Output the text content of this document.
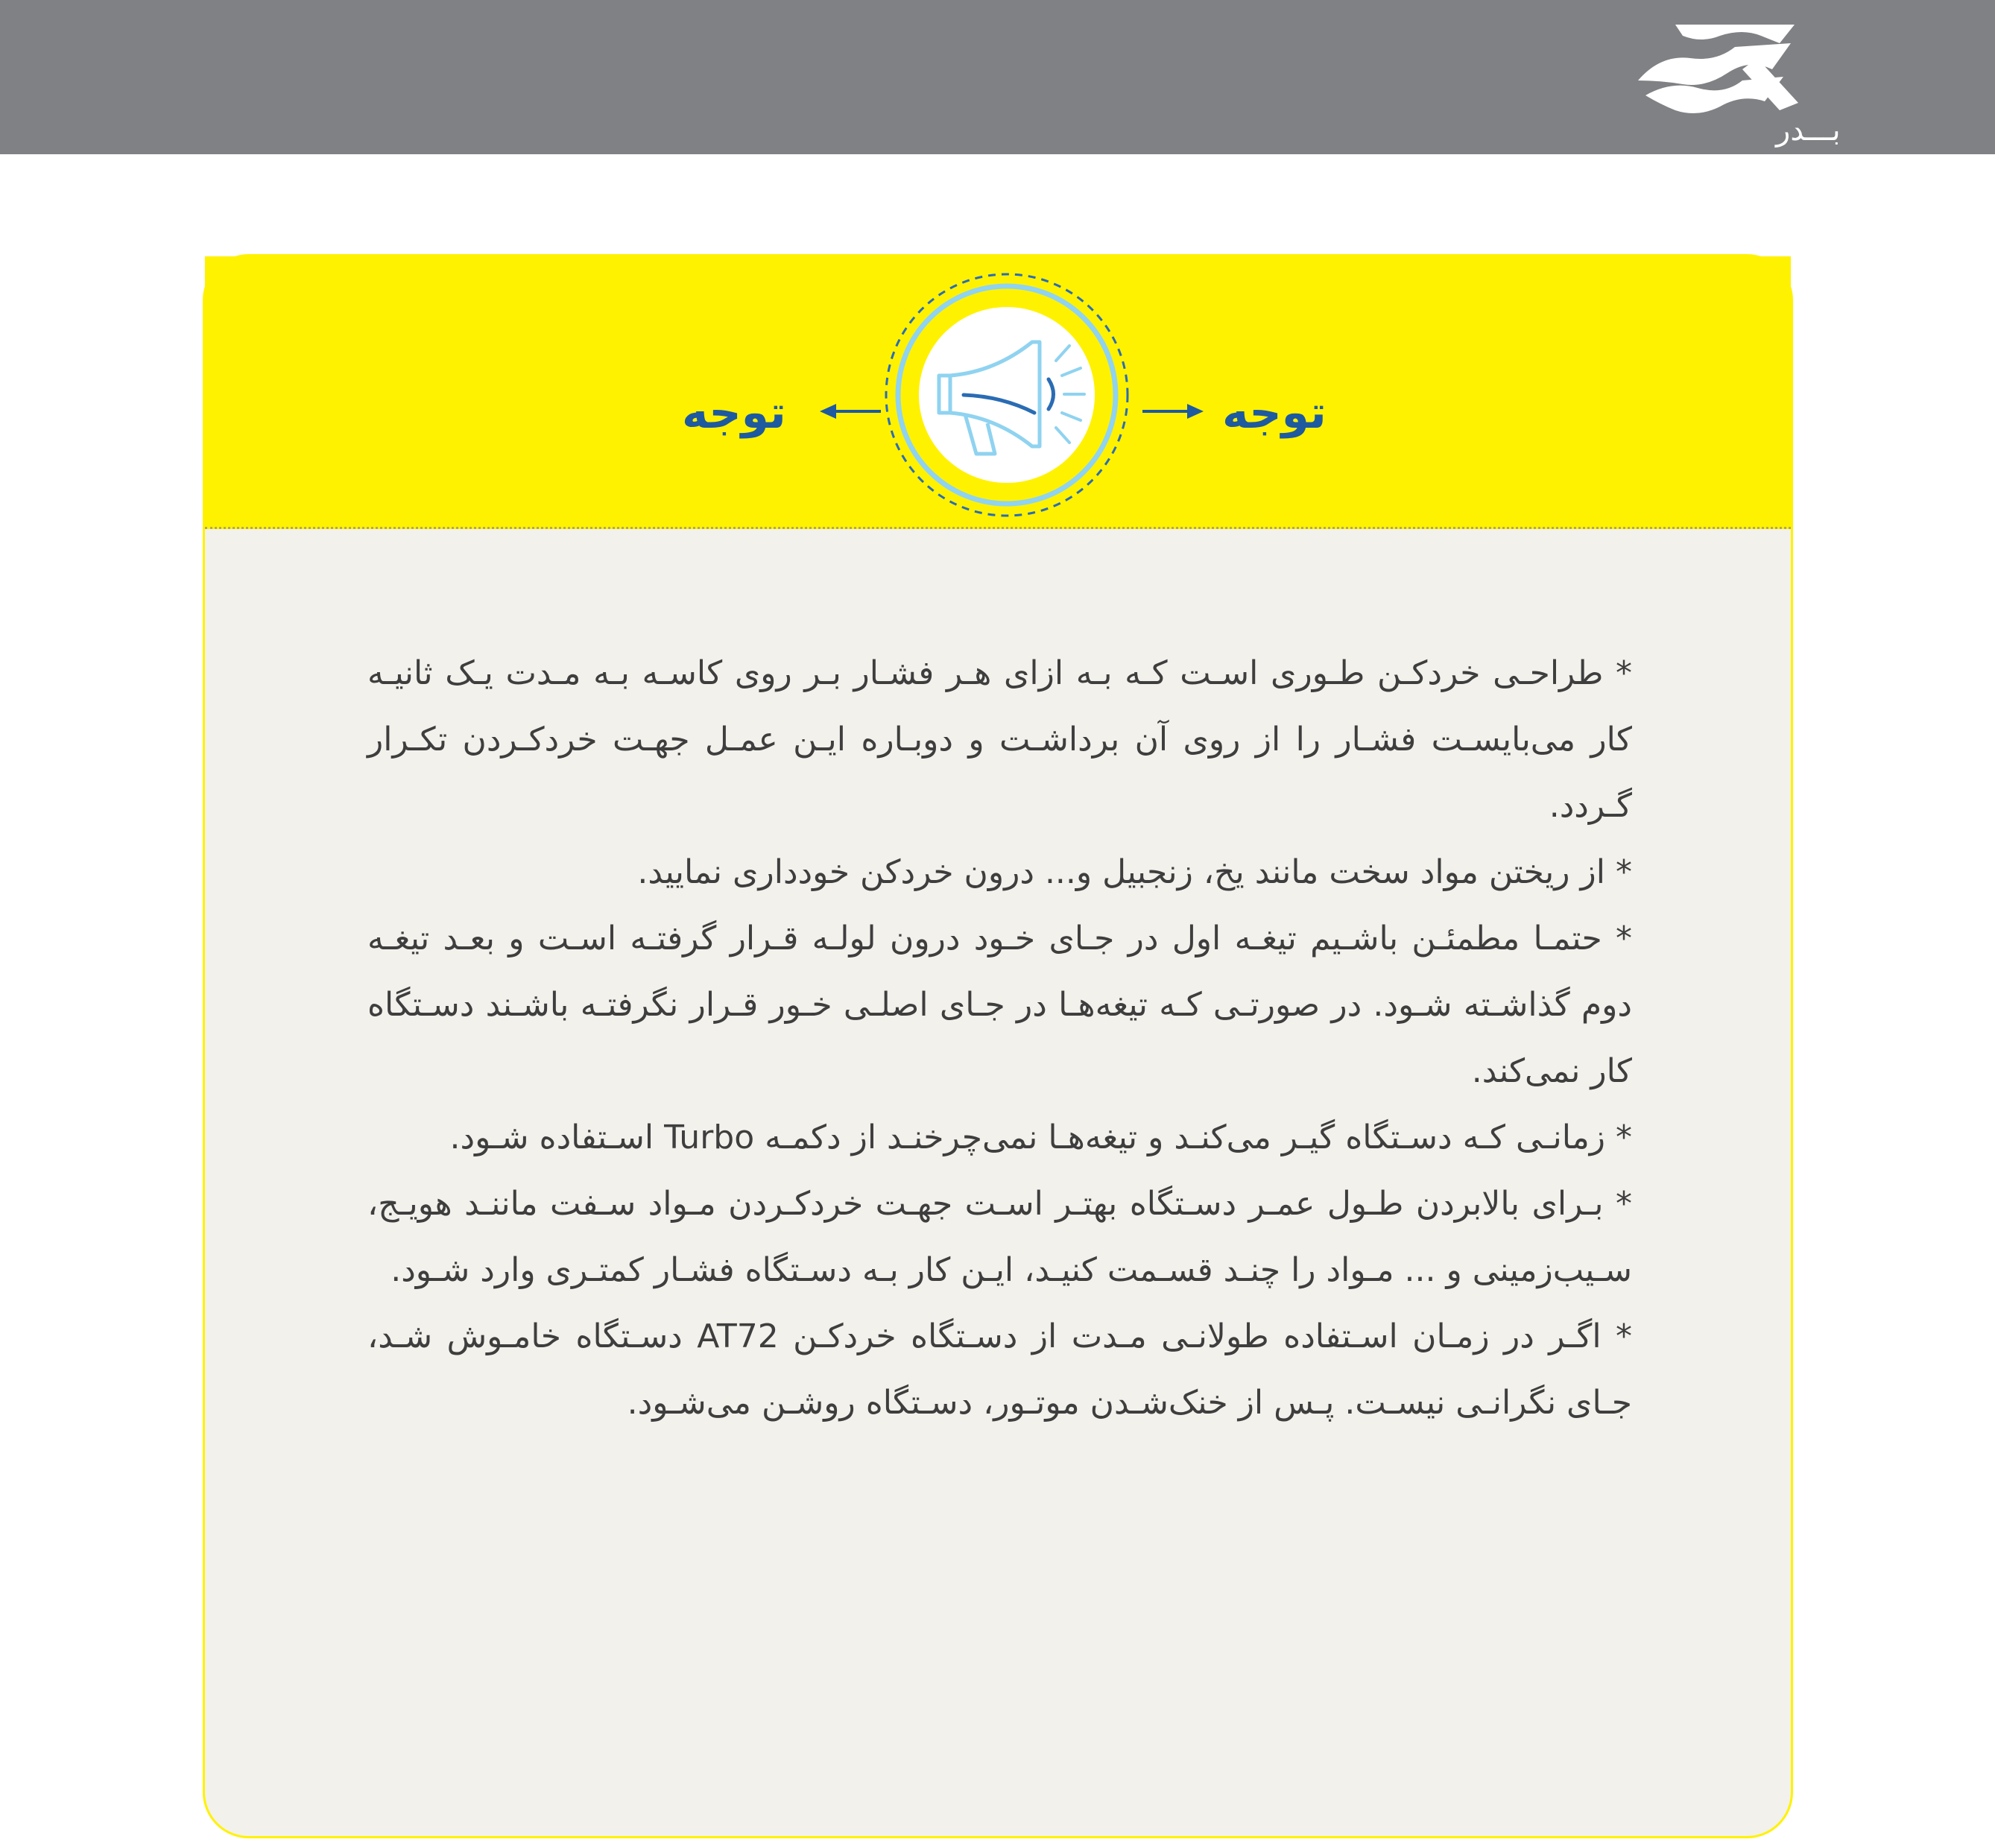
بـــدر
توجه
توجه

* طراحـی خردکـن طـوری اسـت کـه بـه ازای هـر فشـار بـر روی کاسـه بـه مـدت یـک ثانیـه کار می‌بایسـت فشـار را از روی آن برداشـت و دوبـاره ایـن عمـل جهـت خردکـردن تکـرار گـردد.

* از ریختن مواد سخت مانند یخ، زنجبیل و... درون خردکن خودداری نمایید.

* حتمـا مطمئـن باشـیم تیغـه اول در جـای خـود درون لولـه قـرار گرفتـه اسـت و بعـد تیغـه دوم گذاشـته شـود. در صورتـی کـه تیغه‌هـا در جـای اصلـی خـور قـرار نگرفتـه باشـند دسـتگاه کار نمی‌کند.

* زمانـی کـه دسـتگاه گیـر می‌کنـد و تیغه‌هـا نمی‌چرخنـد از دکمـه Turbo اسـتفاده شـود.

* بـرای بالابردن طـول عمـر دسـتگاه بهتـر اسـت جهـت خردکـردن مـواد سـفت ماننـد هویـج، سـیب‌زمینی و ... مـواد را چنـد قسـمت کنیـد، ایـن کار بـه دسـتگاه فشـار کمتـری وارد شـود.

* اگـر در زمـان اسـتفاده طولانـی مـدت از دسـتگاه خردکـن AT72 دسـتگاه خامـوش شـد، جـای نگرانـی نیسـت. پـس از خنک‌شـدن موتـور، دسـتگاه روشـن می‌شـود.
